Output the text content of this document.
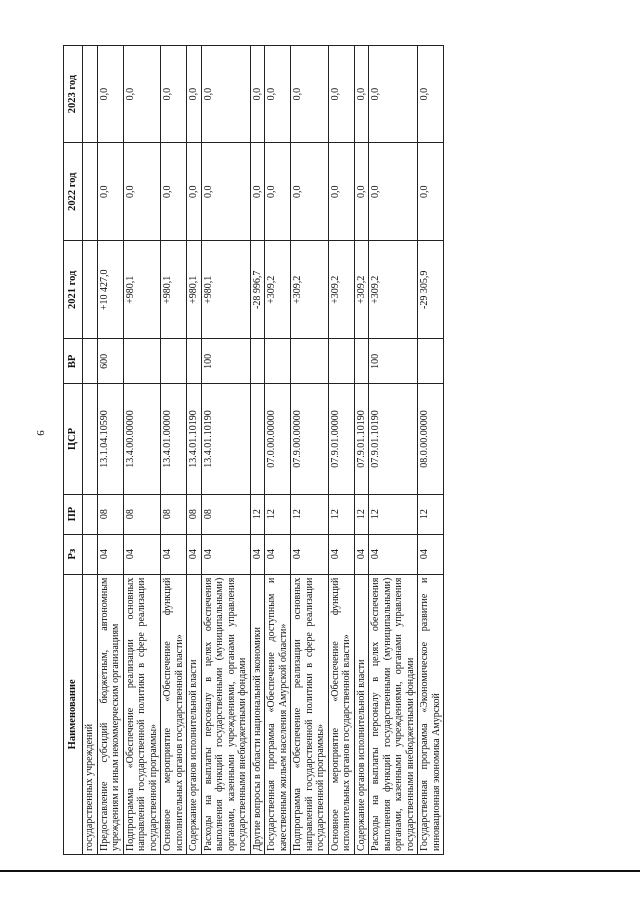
9
Наименование	Рз	ПР	ЦСР	ВР	2021 год	2022 год	2023 год
государственных учреждений							
Предоставление субсидий бюджетным, автономным учреждениям и иным некоммерческим организациям	04	08	13.1.04.10590	600	+10 427,0	0,0	0,0
Подпрограмма «Обеспечение реализации основных направлений государственной политики в сфере реализации государственной программы»	04	08	13.4.00.00000		+980,1	0,0	0,0
Основное мероприятие «Обеспечение функций исполнительных органов государственной власти»	04	08	13.4.01.00000		+980,1	0,0	0,0
Содержание органов исполнительной власти	04	08	13.4.01.10190		+980,1	0,0	0,0
Расходы на выплаты персоналу в целях обеспечения выполнения функций государственными (муниципальными) органами, казенными учреждениями, органами управления государственными внебюджетными фондами	04	08	13.4.01.10190	100	+980,1	0,0	0,0
Другие вопросы в области национальной экономики	04	12			-28 996,7	0,0	0,0
Государственная программа «Обеспечение доступным и качественным жильем населения Амурской области»	04	12	07.0.00.00000		+309,2	0,0	0,0
Подпрограмма «Обеспечение реализации основных направлений государственной политики в сфере реализации государственной программы»	04	12	07.9.00.00000		+309,2	0,0	0,0
Основное мероприятие «Обеспечение функций исполнительных органов государственной власти»	04	12	07.9.01.00000		+309,2	0,0	0,0
Содержание органов исполнительной власти	04	12	07.9.01.10190		+309,2	0,0	0,0
Расходы на выплаты персоналу в целях обеспечения выполнения функций государственными (муниципальными) органами, казенными учреждениями, органами управления государственными внебюджетными фондами	04	12	07.9.01.10190	100	+309,2	0,0	0,0
Государственная программа «Экономическое развитие и инновационная экономика Амурской	04	12	08.0.00.00000		-29 305,9	0,0	0,0
